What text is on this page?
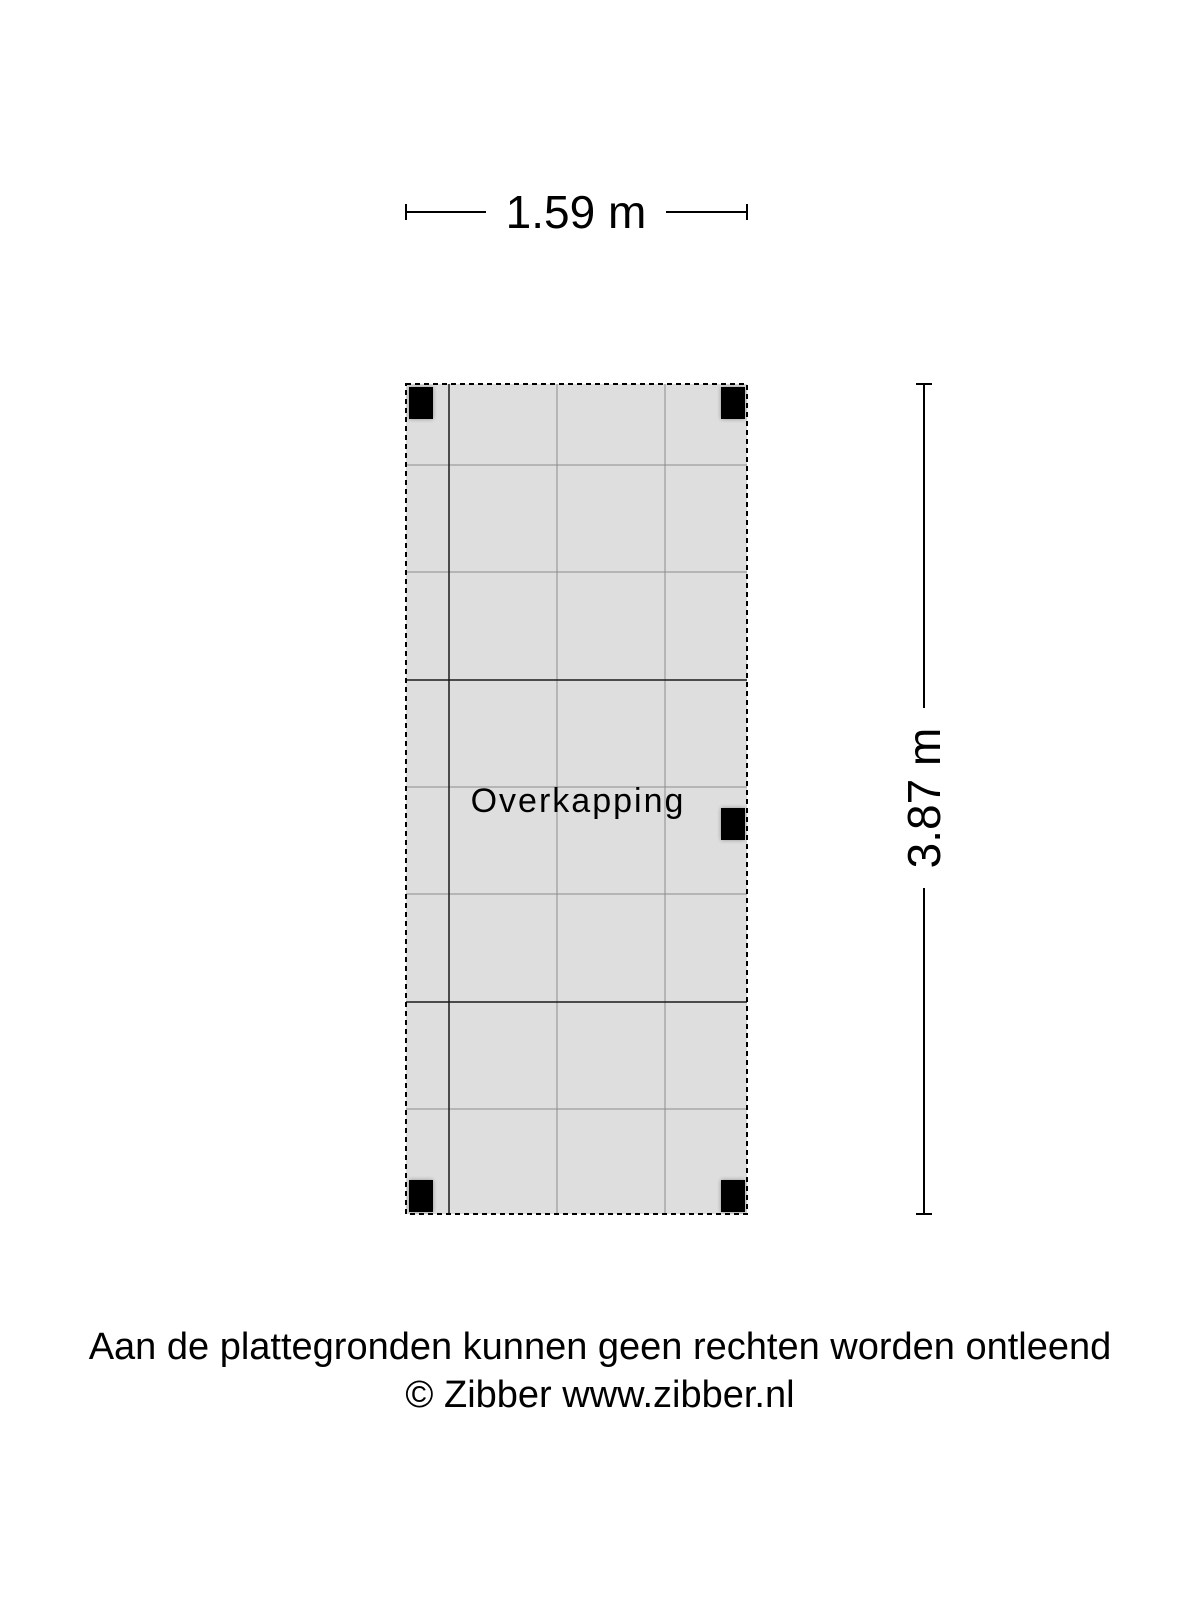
1.59 m
3.87 m
Overkapping
Aan de plattegronden kunnen geen rechten worden ontleend
© Zibber www.zibber.nl
